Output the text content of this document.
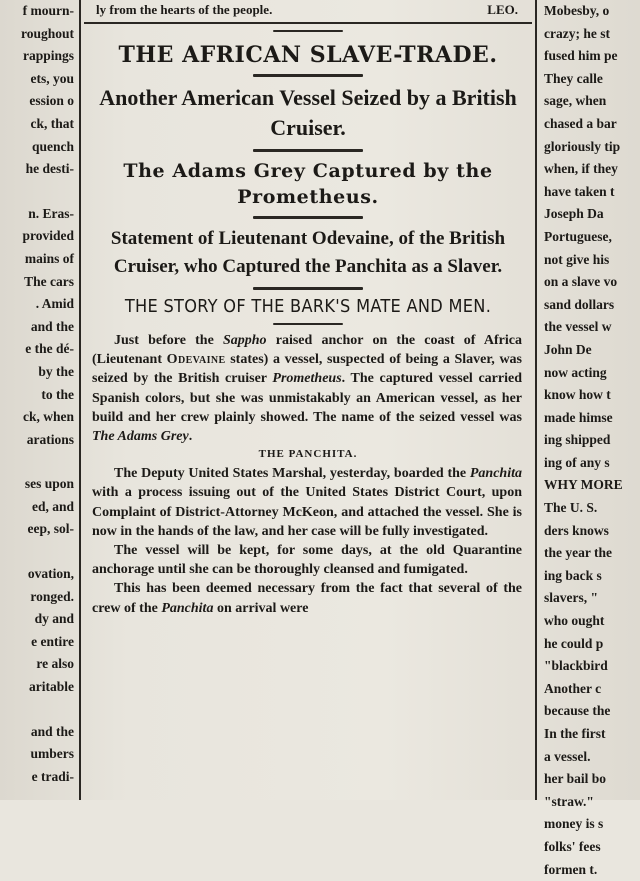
f mourn-
roughout
rappings
ets, you
ession o
ck, that
quench
he desti-
n. Eras-
provided
mains of
The cars
. Amid
and the
e the dé-
by the
to the
ck, when
arations
ses upon
ed, and
eep, sol-
ovation,
ronged.
dy and
e entire
re also
aritable
and the
umbers
e tradi-
ly from the hearts of the people.	LEO.
THE AFRICAN SLAVE-TRADE.
Another American Vessel Seized by a British Cruiser.
The Adams Grey Captured by the Prometheus.
Statement of Lieutenant Odevaine, of the British Cruiser, who Captured the Panchita as a Slaver.
THE STORY OF THE BARK'S MATE AND MEN.

Just before the Sappho raised anchor on the coast of Africa (Lieutenant Odevaine states) a vessel, suspected of being a Slaver, was seized by the British cruiser Prometheus. The captured vessel carried Spanish colors, but she was unmistakably an American vessel, as her build and her crew plainly showed. The name of the seized vessel was The Adams Grey.

THE PANCHITA.

The Deputy United States Marshal, yesterday, boarded the Panchita with a process issuing out of the United States District Court, upon Complaint of District-Attorney McKeon, and attached the vessel. She is now in the hands of the law, and her case will be fully investigated.

The vessel will be kept, for some days, at the old Quarantine anchorage until she can be thoroughly cleansed and fumigated.

This has been deemed necessary from the fact that several of the crew of the Panchita on arrival were

Mobesby, o
crazy; he st
fused him pe
They calle
sage, when
chased a bar
gloriously tip
when, if they
have taken t
Joseph Da
Portuguese,
not give his
on a slave vo
sand dollars
the vessel w
John De
now acting
know how t
made himse
ing shipped
ing of any s
WHY MORE
The U. S.
ders knows
the year the
ing back s
slavers, "
who ought
he could p
"blackbird
Another c
because the
In the first
a vessel.
her bail bo
"straw."
money is s
folks' fees
formen t.
